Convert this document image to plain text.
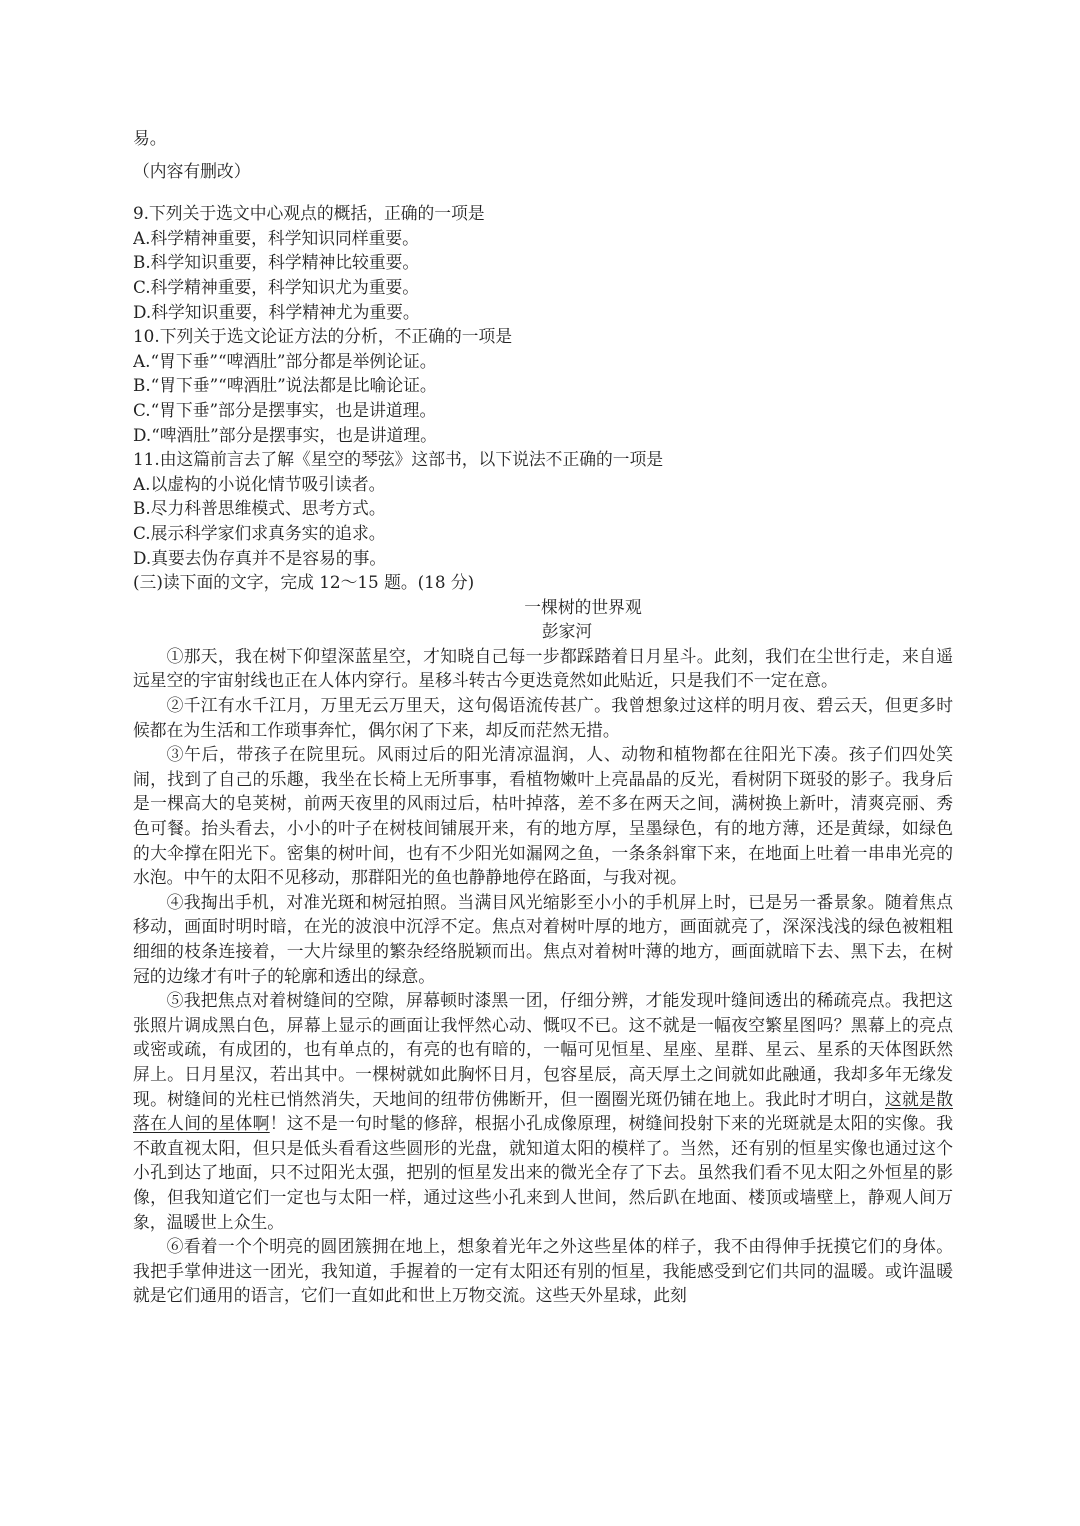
易。

（内容有删改）

9.下列关于选文中心观点的概括，正确的一项是

A.科学精神重要，科学知识同样重要。

B.科学知识重要，科学精神比较重要。

C.科学精神重要，科学知识尤为重要。

D.科学知识重要，科学精神尤为重要。

10.下列关于选文论证方法的分析，不正确的一项是

A.“胃下垂”“啤酒肚”部分都是举例论证。

B.“胃下垂”“啤酒肚”说法都是比喻论证。

C.“胃下垂”部分是摆事实，也是讲道理。

D.“啤酒肚”部分是摆事实，也是讲道理。

11.由这篇前言去了解《星空的琴弦》这部书，以下说法不正确的一项是

A.以虚构的小说化情节吸引读者。

B.尽力科普思维模式、思考方式。

C.展示科学家们求真务实的追求。

D.真要去伪存真并不是容易的事。

(三)读下面的文字，完成 12～15 题。(18 分)

一棵树的世界观

彭家河

①那天，我在树下仰望深蓝星空，才知晓自己每一步都踩踏着日月星斗。此刻，我们在尘世行走，来自遥远星空的宇宙射线也正在人体内穿行。星移斗转古今更迭竟然如此贴近，只是我们不一定在意。

②千江有水千江月，万里无云万里天，这句偈语流传甚广。我曾想象过这样的明月夜、碧云天，但更多时候都在为生活和工作琐事奔忙，偶尔闲了下来，却反而茫然无措。

③午后，带孩子在院里玩。风雨过后的阳光清凉温润，人、动物和植物都在往阳光下凑。孩子们四处笑闹，找到了自己的乐趣，我坐在长椅上无所事事，看植物嫩叶上亮晶晶的反光，看树阴下斑驳的影子。我身后是一棵高大的皂荚树，前两天夜里的风雨过后，枯叶掉落，差不多在两天之间，满树换上新叶，清爽亮丽、秀色可餐。抬头看去，小小的叶子在树枝间铺展开来，有的地方厚，呈墨绿色，有的地方薄，还是黄绿，如绿色的大伞撑在阳光下。密集的树叶间，也有不少阳光如漏网之鱼，一条条斜窜下来，在地面上吐着一串串光亮的水泡。中午的太阳不见移动，那群阳光的鱼也静静地停在路面，与我对视。

④我掏出手机，对准光斑和树冠拍照。当满目风光缩影至小小的手机屏上时，已是另一番景象。随着焦点移动，画面时明时暗，在光的波浪中沉浮不定。焦点对着树叶厚的地方，画面就亮了，深深浅浅的绿色被粗粗细细的枝条连接着，一大片绿里的繁杂经络脱颖而出。焦点对着树叶薄的地方，画面就暗下去、黑下去，在树冠的边缘才有叶子的轮廓和透出的绿意。

⑤我把焦点对着树缝间的空隙，屏幕顿时漆黑一团，仔细分辨，才能发现叶缝间透出的稀疏亮点。我把这张照片调成黑白色，屏幕上显示的画面让我怦然心动、慨叹不已。这不就是一幅夜空繁星图吗？黑幕上的亮点或密或疏，有成团的，也有单点的，有亮的也有暗的，一幅可见恒星、星座、星群、星云、星系的天体图跃然屏上。日月星汉，若出其中。一棵树就如此胸怀日月，包容星辰，高天厚土之间就如此融通，我却多年无缘发现。树缝间的光柱已悄然消失，天地间的纽带仿佛断开，但一圈圈光斑仍铺在地上。我此时才明白，这就是散落在人间的星体啊！这不是一句时髦的修辞，根据小孔成像原理，树缝间投射下来的光斑就是太阳的实像。我不敢直视太阳，但只是低头看看这些圆形的光盘，就知道太阳的模样了。当然，还有别的恒星实像也通过这个小孔到达了地面，只不过阳光太强，把别的恒星发出来的微光全存了下去。虽然我们看不见太阳之外恒星的影像，但我知道它们一定也与太阳一样，通过这些小孔来到人世间，然后趴在地面、楼顶或墙壁上，静观人间万象，温暖世上众生。

⑥看着一个个明亮的圆团簇拥在地上，想象着光年之外这些星体的样子，我不由得伸手抚摸它们的身体。我把手掌伸进这一团光，我知道，手握着的一定有太阳还有别的恒星，我能感受到它们共同的温暖。或许温暖就是它们通用的语言，它们一直如此和世上万物交流。这些天外星球，此刻
